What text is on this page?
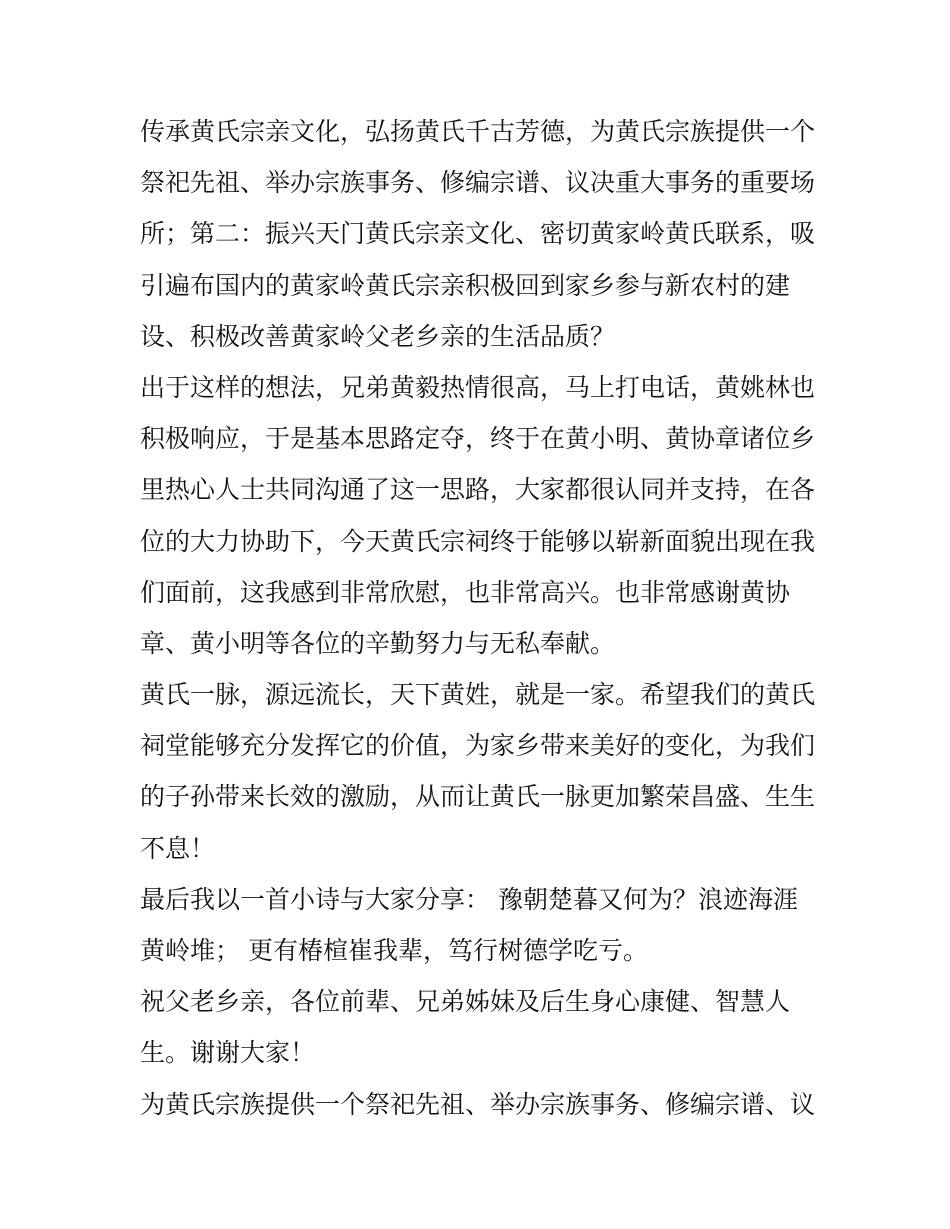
传承黄氏宗亲文化，弘扬黄氏千古芳德，为黄氏宗族提供一个
祭祀先祖、举办宗族事务、修编宗谱、议决重大事务的重要场
所；第二：振兴天门黄氏宗亲文化、密切黄家岭黄氏联系，吸
引遍布国内的黄家岭黄氏宗亲积极回到家乡参与新农村的建
设、积极改善黄家岭父老乡亲的生活品质？
出于这样的想法，兄弟黄毅热情很高，马上打电话，黄姚林也
积极响应，于是基本思路定夺，终于在黄小明、黄协章诸位乡
里热心人士共同沟通了这一思路，大家都很认同并支持，在各
位的大力协助下，今天黄氏宗祠终于能够以崭新面貌出现在我
们面前，这我感到非常欣慰，也非常高兴。也非常感谢黄协
章、黄小明等各位的辛勤努力与无私奉献。
黄氏一脉，源远流长，天下黄姓，就是一家。希望我们的黄氏
祠堂能够充分发挥它的价值，为家乡带来美好的变化，为我们
的子孙带来长效的激励，从而让黄氏一脉更加繁荣昌盛、生生
不息！
最后我以一首小诗与大家分享： 豫朝楚暮又何为？浪迹海涯
黄岭堆； 更有椿楦崔我辈，笃行树德学吃亏。
祝父老乡亲，各位前辈、兄弟姊妹及后生身心康健、智慧人
生。谢谢大家！
为黄氏宗族提供一个祭祀先祖、举办宗族事务、修编宗谱、议
